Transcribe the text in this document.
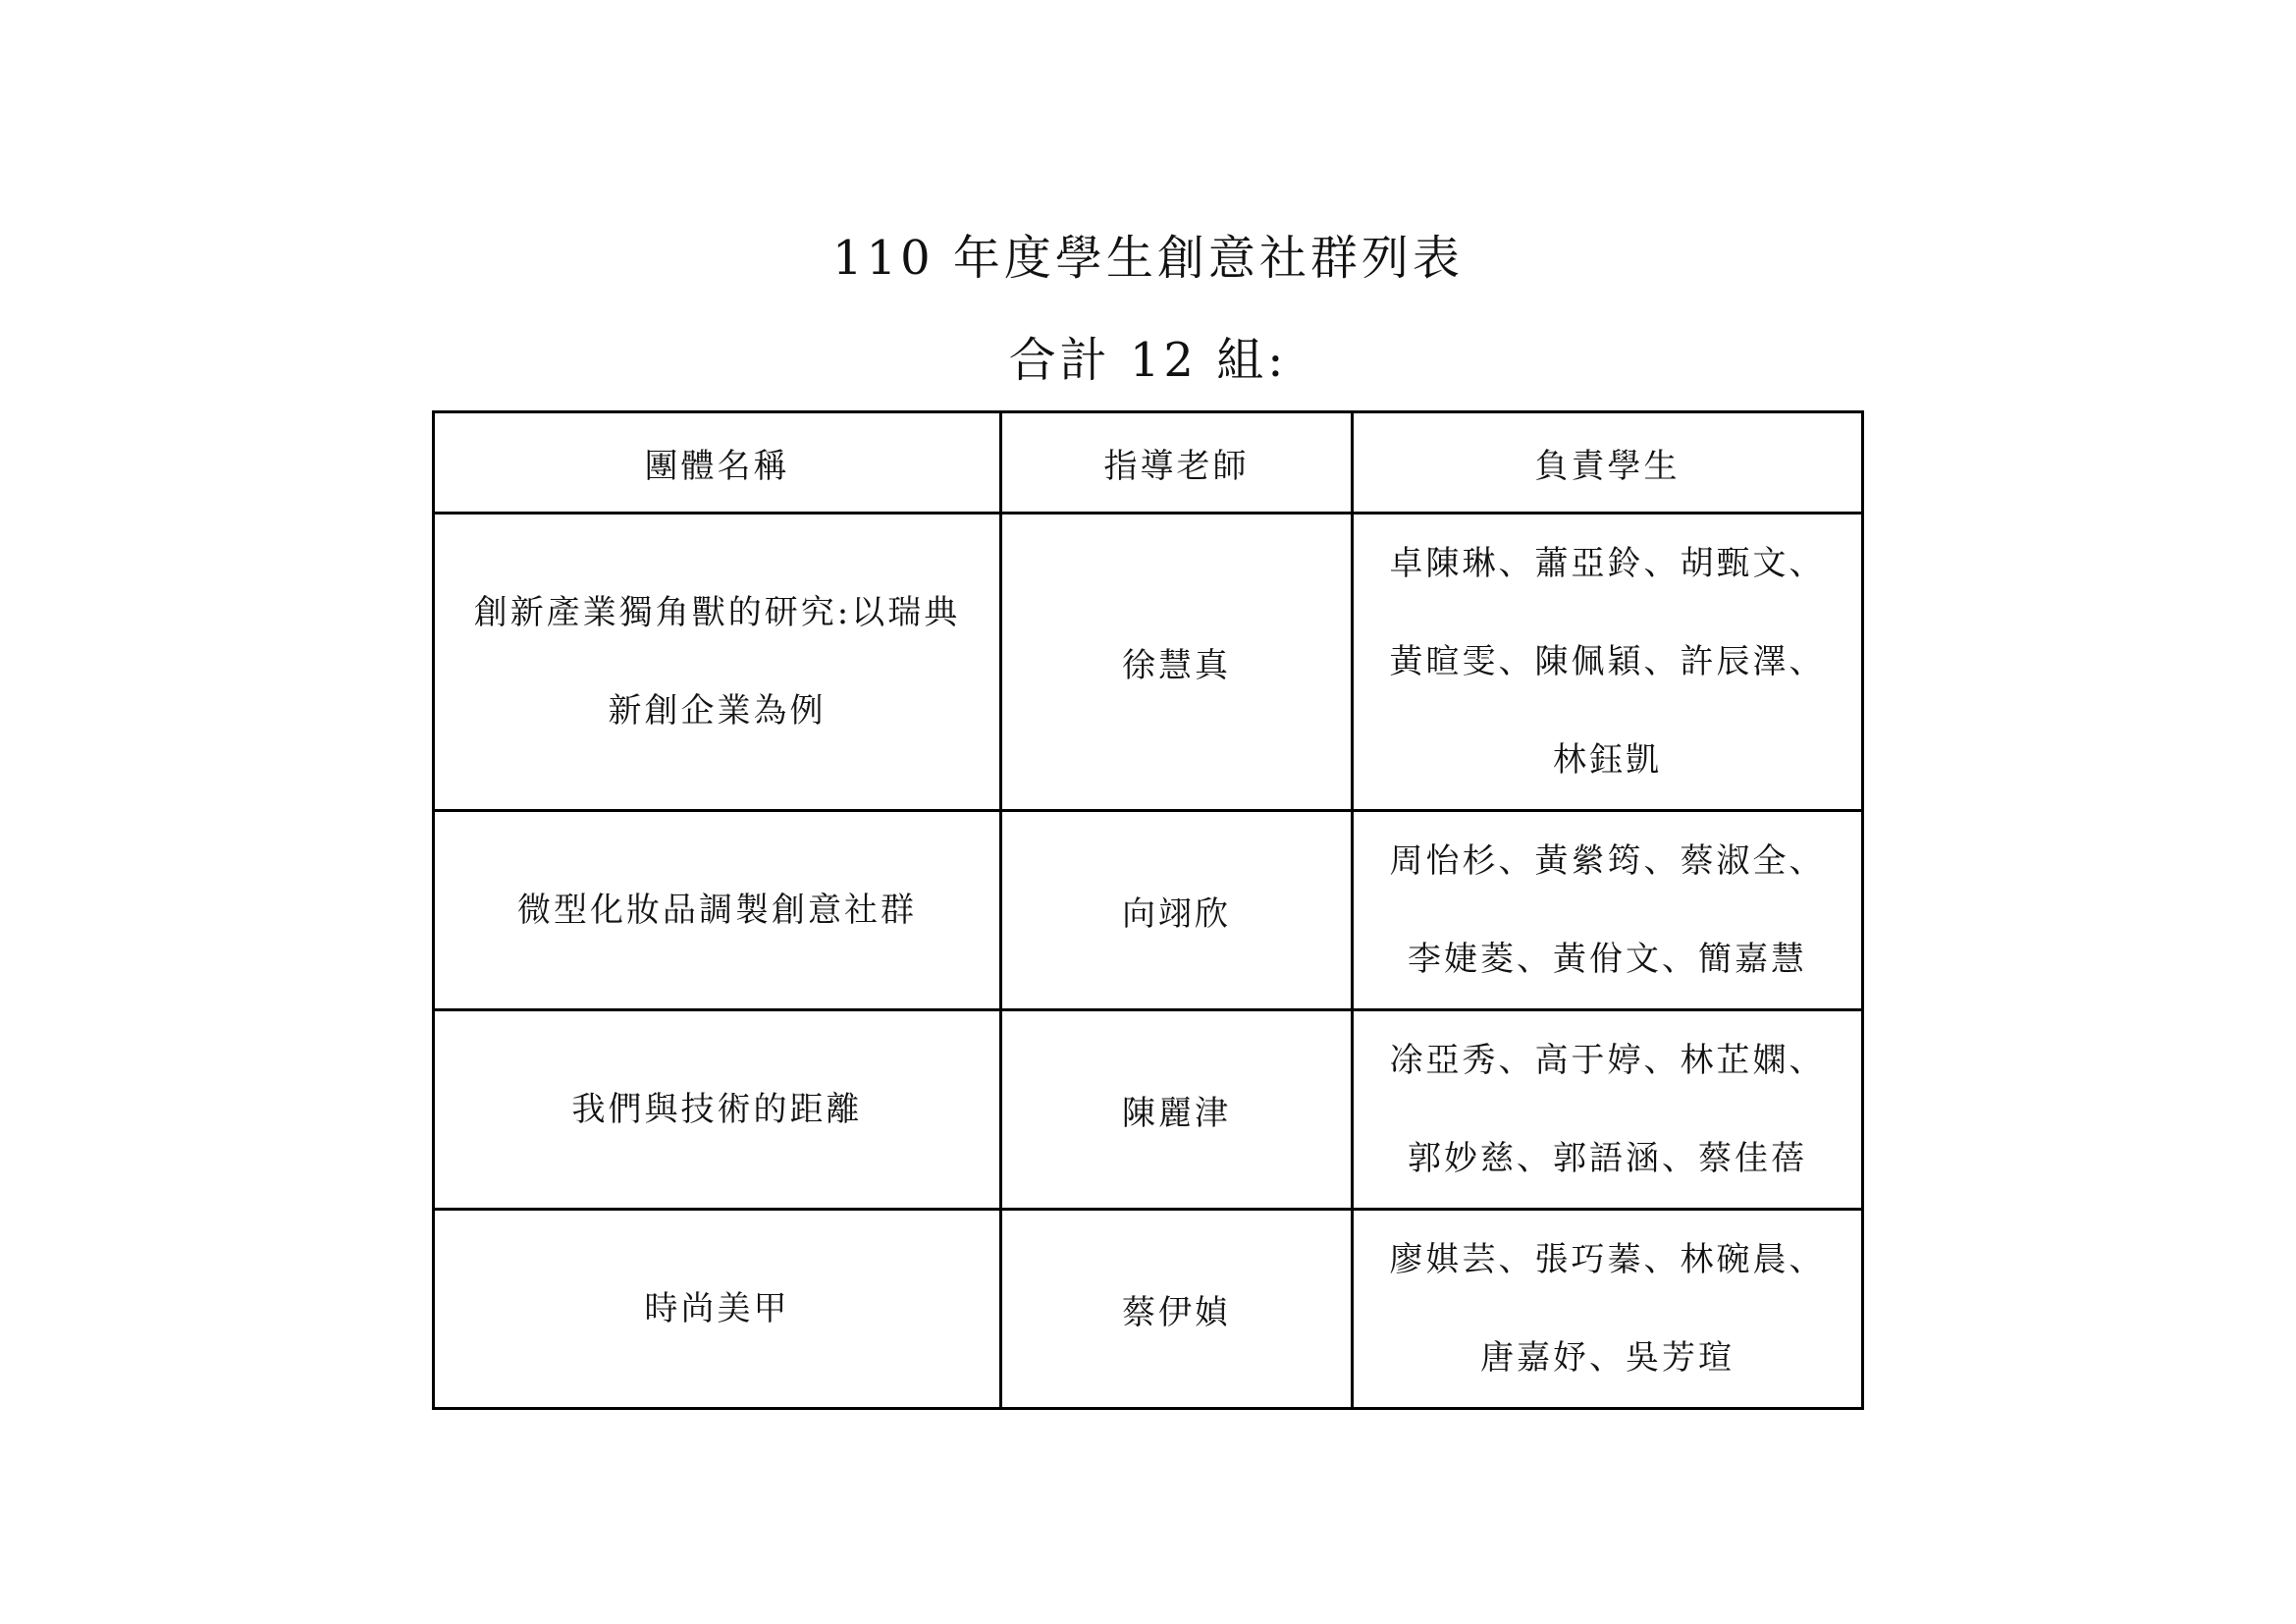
110 年度學生創意社群列表
合計 12 組:
團體名稱	指導老師	負責學生

創新產業獨角獸的研究:以瑞典
新創企業為例	徐慧真	卓陳琳、蕭亞鈴、胡甄文、
黃暄雯、陳佩穎、許辰澤、
林鈺凱

微型化妝品調製創意社群	向翊欣	周怡杉、黃縈筠、蔡淑全、
李婕菱、黃佾文、簡嘉慧

我們與技術的距離	陳麗津	凃亞秀、高于婷、林芷嫻、
郭妙慈、郭語涵、蔡佳蓓

時尚美甲	蔡伊媜	廖娸芸、張巧蓁、林碗晨、
唐嘉妤、吳芳瑄
